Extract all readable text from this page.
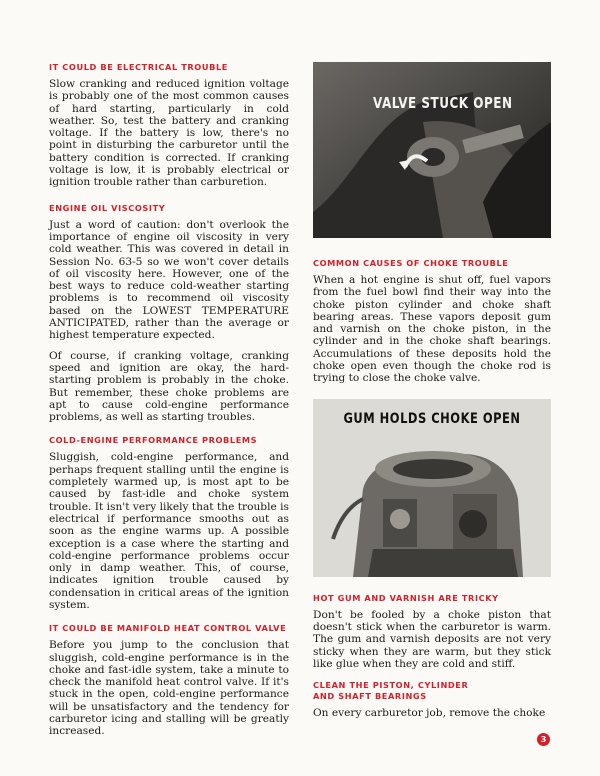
IT COULD BE ELECTRICAL TROUBLE

Slow cranking and reduced ignition voltage is probably one of the most common causes of hard starting, particularly in cold weather. So, test the battery and cranking voltage. If the battery is low, there's no point in disturbing the carburetor until the battery condition is corrected. If cranking voltage is low, it is probably electrical or ignition trouble rather than carburetion.

ENGINE OIL VISCOSITY

Just a word of caution: don't overlook the importance of engine oil viscosity in very cold weather. This was covered in detail in Session No. 63-5 so we won't cover details of oil viscosity here. However, one of the best ways to reduce cold-weather starting problems is to recommend oil viscosity based on the LOWEST TEMPERATURE ANTICIPATED, rather than the average or highest temperature expected.

Of course, if cranking voltage, cranking speed and ignition are okay, the hard-starting problem is probably in the choke. But remember, these choke problems are apt to cause cold-engine performance problems, as well as starting troubles.

COLD-ENGINE PERFORMANCE PROBLEMS

Sluggish, cold-engine performance, and perhaps frequent stalling until the engine is completely warmed up, is most apt to be caused by fast-idle and choke system trouble. It isn't very likely that the trouble is electrical if performance smooths out as soon as the engine warms up. A possible exception is a case where the starting and cold-engine performance problems occur only in damp weather. This, of course, indicates ignition trouble caused by condensation in critical areas of the ignition system.

IT COULD BE MANIFOLD HEAT CONTROL VALVE

Before you jump to the conclusion that sluggish, cold-engine performance is in the choke and fast-idle system, take a minute to check the manifold heat control valve. If it's stuck in the open, cold-engine performance will be unsatisfactory and the tendency for carburetor icing and stalling will be greatly increased.

VALVE STUCK OPEN
COMMON CAUSES OF CHOKE TROUBLE

When a hot engine is shut off, fuel vapors from the fuel bowl find their way into the choke piston cylinder and choke shaft bearing areas. These vapors deposit gum and varnish on the choke piston, in the cylinder and in the choke shaft bearings. Accumulations of these deposits hold the choke open even though the choke rod is trying to close the choke valve.

GUM HOLDS CHOKE OPEN
HOT GUM AND VARNISH ARE TRICKY

Don't be fooled by a choke piston that doesn't stick when the carburetor is warm. The gum and varnish deposits are not very sticky when they are warm, but they stick like glue when they are cold and stiff.

CLEAN THE PISTON, CYLINDER AND SHAFT BEARINGS

On every carburetor job, remove the choke

3
